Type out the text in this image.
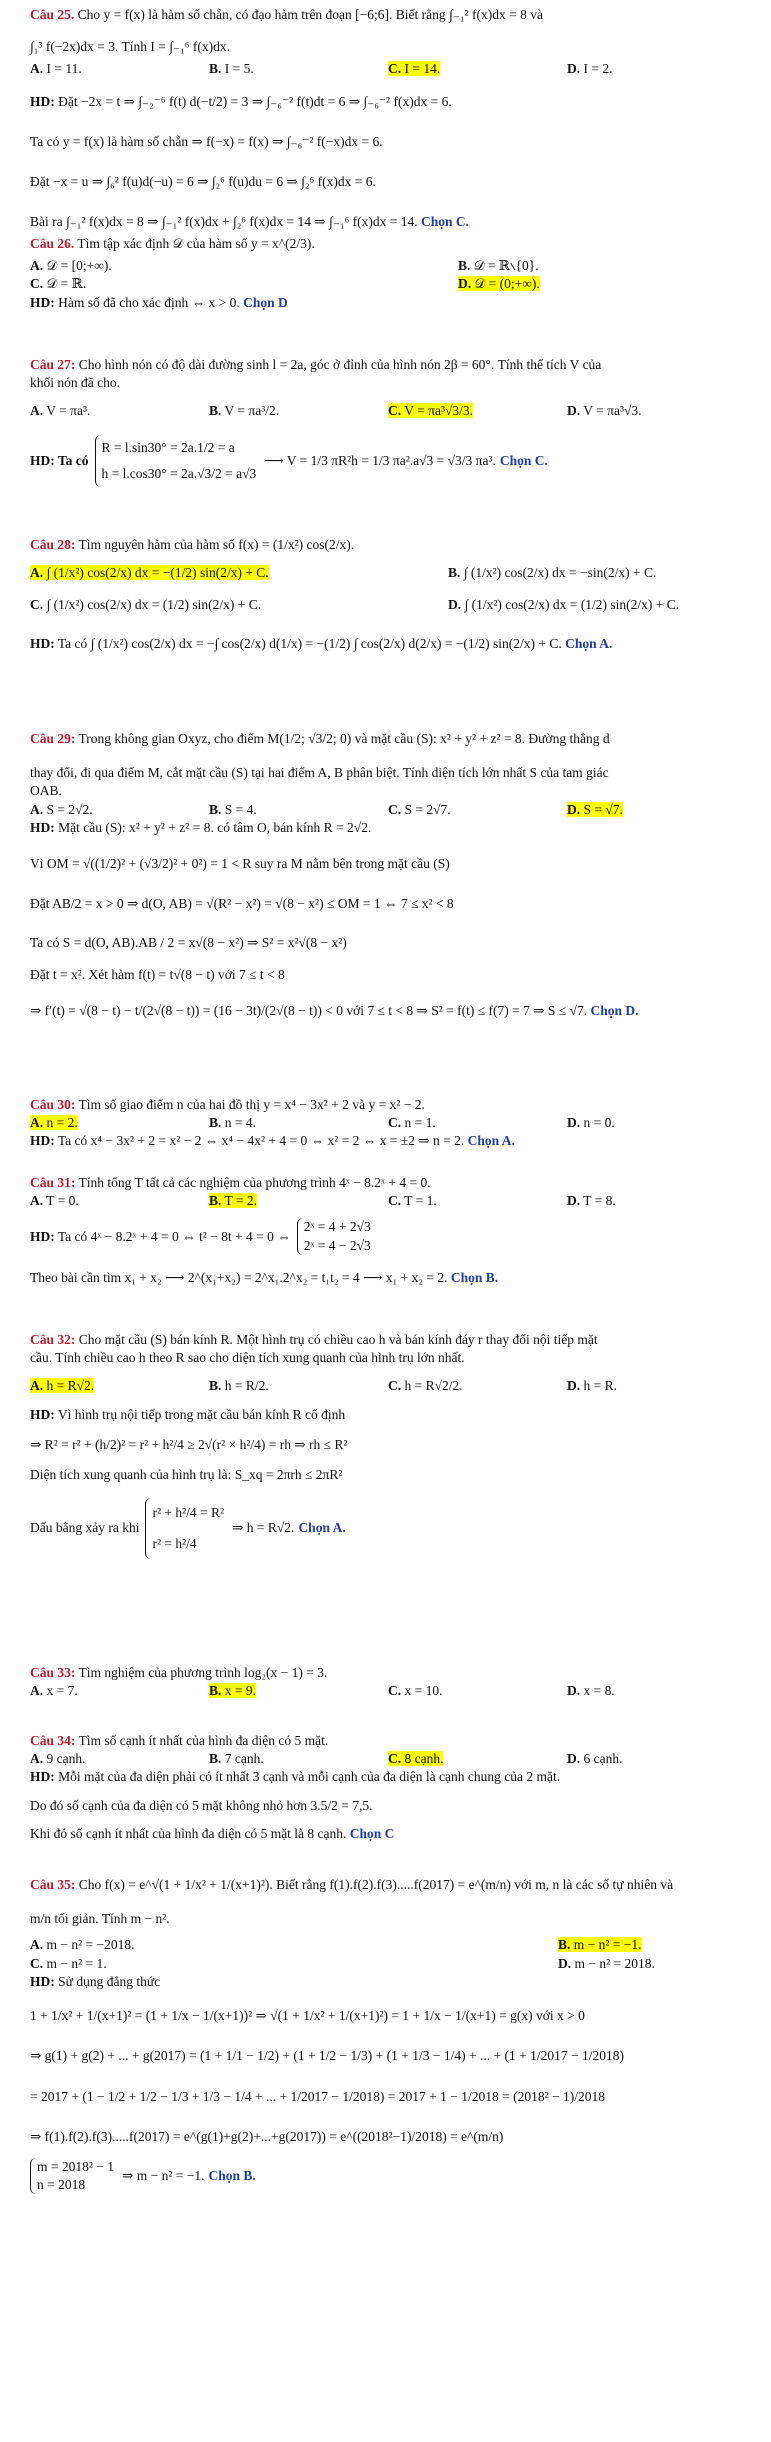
Câu 25. Cho y = f(x) là hàm số chẵn, có đạo hàm trên đoạn [−6;6]. Biết rằng ∫₋₁² f(x)dx = 8 và

∫₁³ f(−2x)dx = 3. Tính I = ∫₋₁⁶ f(x)dx.

A. I = 11.	B. I = 5.	C. I = 14.	D. I = 2.

HD: Đặt −2x = t ⇒ ∫₋₂⁻⁶ f(t) d(−t/2) = 3 ⇒ ∫₋₆⁻² f(t)dt = 6 ⇒ ∫₋₆⁻² f(x)dx = 6.

Ta có y = f(x) là hàm số chẵn ⇒ f(−x) = f(x) ⇒ ∫₋₆⁻² f(−x)dx = 6.

Đặt −x = u ⇒ ∫₆² f(u)d(−u) = 6 ⇒ ∫₂⁶ f(u)du = 6 ⇒ ∫₂⁶ f(x)dx = 6.

Bài ra ∫₋₁² f(x)dx = 8 ⇒ ∫₋₁² f(x)dx + ∫₂⁶ f(x)dx = 14 ⇒ ∫₋₁⁶ f(x)dx = 14. Chọn C.

Câu 26. Tìm tập xác định 𝒟 của hàm số y = x^(2/3).

A. 𝒟 = [0;+∞).	B. 𝒟 = ℝ∖{0}.
C. 𝒟 = ℝ.	D. 𝒟 = (0;+∞).

HD: Hàm số đã cho xác định ⇔ x > 0. Chọn D

Câu 27: Cho hình nón có độ dài đường sinh l = 2a, góc ở đỉnh của hình nón 2β = 60°. Tính thể tích V của

khối nón đã cho.

A. V = πa³.	B. V = πa³/2.	C. V = πa³√3/3.	D. V = πa³√3.
HD: Ta có
R = l.sin30° = 2a.1/2 = a
h = l.cos30° = 2a.√3/2 = a√3
⟶ V = 1/3 πR²h = 1/3 πa².a√3 = √3/3 πa³. Chọn C.

Câu 28: Tìm nguyên hàm của hàm số f(x) = (1/x²) cos(2/x).

A. ∫ (1/x²) cos(2/x) dx = −(1/2) sin(2/x) + C.	B. ∫ (1/x²) cos(2/x) dx = −sin(2/x) + C.
C. ∫ (1/x²) cos(2/x) dx = (1/2) sin(2/x) + C.	D. ∫ (1/x²) cos(2/x) dx = (1/2) sin(2/x) + C.

HD: Ta có ∫ (1/x²) cos(2/x) dx = −∫ cos(2/x) d(1/x) = −(1/2) ∫ cos(2/x) d(2/x) = −(1/2) sin(2/x) + C. Chọn A.

Câu 29: Trong không gian Oxyz, cho điểm M(1/2; √3/2; 0) và mặt cầu (S): x² + y² + z² = 8. Đường thẳng d

thay đổi, đi qua điểm M, cắt mặt cầu (S) tại hai điểm A, B phân biệt. Tính diện tích lớn nhất S của tam giác

OAB.

A. S = 2√2.	B. S = 4.	C. S = 2√7.	D. S = √7.

HD: Mặt cầu (S): x² + y² + z² = 8. có tâm O, bán kính R = 2√2.

Vì OM = √((1/2)² + (√3/2)² + 0²) = 1 < R suy ra M nằm bên trong mặt cầu (S)

Đặt AB/2 = x > 0 ⇒ d(O, AB) = √(R² − x²) = √(8 − x²) ≤ OM = 1 ⇔ 7 ≤ x² < 8

Ta có S = d(O, AB).AB / 2 = x√(8 − x²) ⇒ S² = x²√(8 − x²)

Đặt t = x². Xét hàm f(t) = t√(8 − t) với 7 ≤ t < 8

⇒ f′(t) = √(8 − t) − t/(2√(8 − t)) = (16 − 3t)/(2√(8 − t)) < 0 với 7 ≤ t < 8 ⇒ S² = f(t) ≤ f(7) = 7 ⇒ S ≤ √7. Chọn D.

Câu 30: Tìm số giao điểm n của hai đồ thị y = x⁴ − 3x² + 2 và y = x² − 2.

A. n = 2.	B. n = 4.	C. n = 1.	D. n = 0.

HD: Ta có x⁴ − 3x² + 2 = x² − 2 ⇔ x⁴ − 4x² + 4 = 0 ⇔ x² = 2 ⇔ x = ±2 ⇒ n = 2. Chọn A.

Câu 31: Tính tổng T tất cả các nghiệm của phương trình 4ˣ − 8.2ˣ + 4 = 0.

A. T = 0.	B. T = 2.	C. T = 1.	D. T = 8.
HD: Ta có 4ˣ − 8.2ˣ + 4 = 0 ⇔ t² − 8t + 4 = 0 ⇔
2ˣ = 4 + 2√3
2ˣ = 4 − 2√3

Theo bài cần tìm x₁ + x₂ ⟶ 2^(x₁+x₂) = 2^x₁.2^x₂ = t₁t₂ = 4 ⟶ x₁ + x₂ = 2. Chọn B.

Câu 32: Cho mặt cầu (S) bán kính R. Một hình trụ có chiều cao h và bán kính đáy r thay đổi nội tiếp mặt

cầu. Tính chiều cao h theo R sao cho diện tích xung quanh của hình trụ lớn nhất.

A. h = R√2.	B. h = R/2.	C. h = R√2/2.	D. h = R.

HD: Vì hình trụ nội tiếp trong mặt cầu bán kính R cố định

⇒ R² = r² + (h/2)² = r² + h²/4 ≥ 2√(r² × h²/4) = rh ⇒ rh ≤ R²

Diện tích xung quanh của hình trụ là: S_xq = 2πrh ≤ 2πR²

Dấu bằng xảy ra khi
r² + h²/4 = R²
r² = h²/4
⇒ h = R√2. Chọn A.

Câu 33: Tìm nghiệm của phương trình log₂(x − 1) = 3.

A. x = 7.	B. x = 9.	C. x = 10.	D. x = 8.

Câu 34: Tìm số cạnh ít nhất của hình đa diện có 5 mặt.

A. 9 cạnh.	B. 7 cạnh.	C. 8 cạnh.	D. 6 cạnh.

HD: Mỗi mặt của đa diện phải có ít nhất 3 cạnh và mỗi cạnh của đa diện là cạnh chung của 2 mặt.

Do đó số cạnh của đa diện có 5 mặt không nhỏ hơn 3.5/2 = 7,5.

Khi đó số cạnh ít nhất của hình đa diện có 5 mặt là 8 cạnh. Chọn C

Câu 35: Cho f(x) = e^√(1 + 1/x² + 1/(x+1)²). Biết rằng f(1).f(2).f(3).....f(2017) = e^(m/n) với m, n là các số tự nhiên và

m/n tối giản. Tính m − n².

A. m − n² = −2018.	B. m − n² = −1.
C. m − n² = 1.	D. m − n² = 2018.

HD: Sử dụng đẳng thức

1 + 1/x² + 1/(x+1)² = (1 + 1/x − 1/(x+1))² ⇒ √(1 + 1/x² + 1/(x+1)²) = 1 + 1/x − 1/(x+1) = g(x) với x > 0

⇒ g(1) + g(2) + ... + g(2017) = (1 + 1/1 − 1/2) + (1 + 1/2 − 1/3) + (1 + 1/3 − 1/4) + ... + (1 + 1/2017 − 1/2018)

= 2017 + (1 − 1/2 + 1/2 − 1/3 + 1/3 − 1/4 + ... + 1/2017 − 1/2018) = 2017 + 1 − 1/2018 = (2018² − 1)/2018

⇒ f(1).f(2).f(3).....f(2017) = e^(g(1)+g(2)+...+g(2017)) = e^((2018²−1)/2018) = e^(m/n)

m = 2018² − 1
n = 2018
⇒ m − n² = −1. Chọn B.
